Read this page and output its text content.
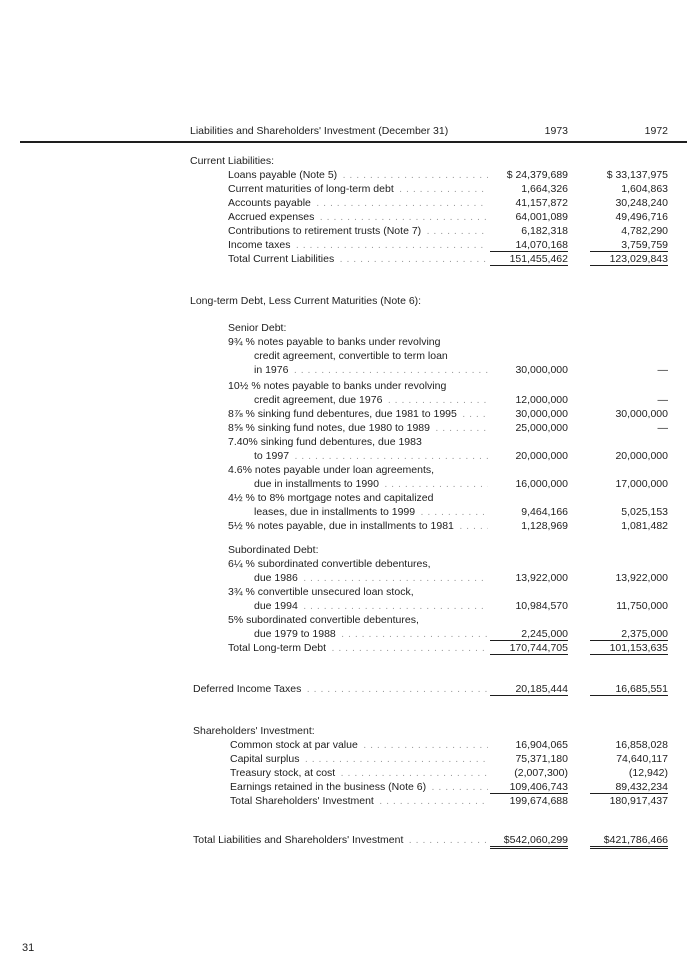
Liabilities and Shareholders' Investment (December 31)	1973	1972
Current Liabilities:
Loans payable (Note 5) . . .	$ 24,379,689	$ 33,137,975
Current maturities of long-term debt . . .	1,664,326	1,604,863
Accounts payable . . .	41,157,872	30,248,240
Accrued expenses . . .	64,001,089	49,496,716
Contributions to retirement trusts (Note 7) . . .	6,182,318	4,782,290
Income taxes . . .	14,070,168	3,759,759
Total Current Liabilities . . .	151,455,462	123,029,843
Long-term Debt, Less Current Maturities (Note 6):
Senior Debt:
9¾ % notes payable to banks under revolving
credit agreement, convertible to term loan
in 1976 . . .	30,000,000	—
10½ % notes payable to banks under revolving
credit agreement, due 1976 . . .	12,000,000	—
8⅞ % sinking fund debentures, due 1981 to 1995 . . .	30,000,000	30,000,000
8⅝ % sinking fund notes, due 1980 to 1989 . . .	25,000,000	—
7.40% sinking fund debentures, due 1983
to 1997 . . .	20,000,000	20,000,000
4.6% notes payable under loan agreements,
due in installments to 1990 . . .	16,000,000	17,000,000
4½ % to 8% mortgage notes and capitalized
leases, due in installments to 1999 . . .	9,464,166	5,025,153
5½ % notes payable, due in installments to 1981 . . .	1,128,969	1,081,482
Subordinated Debt:
6¼ % subordinated convertible debentures,
due 1986 . . .	13,922,000	13,922,000
3¾ % convertible unsecured loan stock,
due 1994 . . .	10,984,570	11,750,000
5% subordinated convertible debentures,
due 1979 to 1988 . . .	2,245,000	2,375,000
Total Long-term Debt . . .	170,744,705	101,153,635
Deferred Income Taxes . . .	20,185,444	16,685,551
Shareholders' Investment:
Common stock at par value . . .	16,904,065	16,858,028
Capital surplus . . .	75,371,180	74,640,117
Treasury stock, at cost . . .	(2,007,300)	(12,942)
Earnings retained in the business (Note 6) . . .	109,406,743	89,432,234
Total Shareholders' Investment . . .	199,674,688	180,917,437
Total Liabilities and Shareholders' Investment . . .	$542,060,299	$421,786,466
31
